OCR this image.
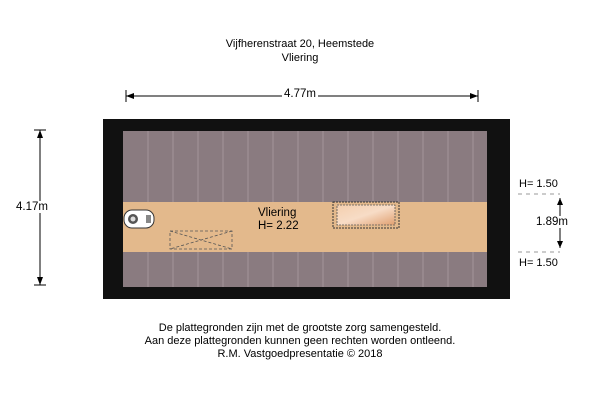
Vijfherenstraat 20, Heemstede
Vliering
4.77m
4.17m
H= 1.50
1.89m
H= 1.50
Vliering
H= 2.22
De plattegronden zijn met de grootste zorg samengesteld.
Aan deze plattegronden kunnen geen rechten worden ontleend.
R.M. Vastgoedpresentatie © 2018
